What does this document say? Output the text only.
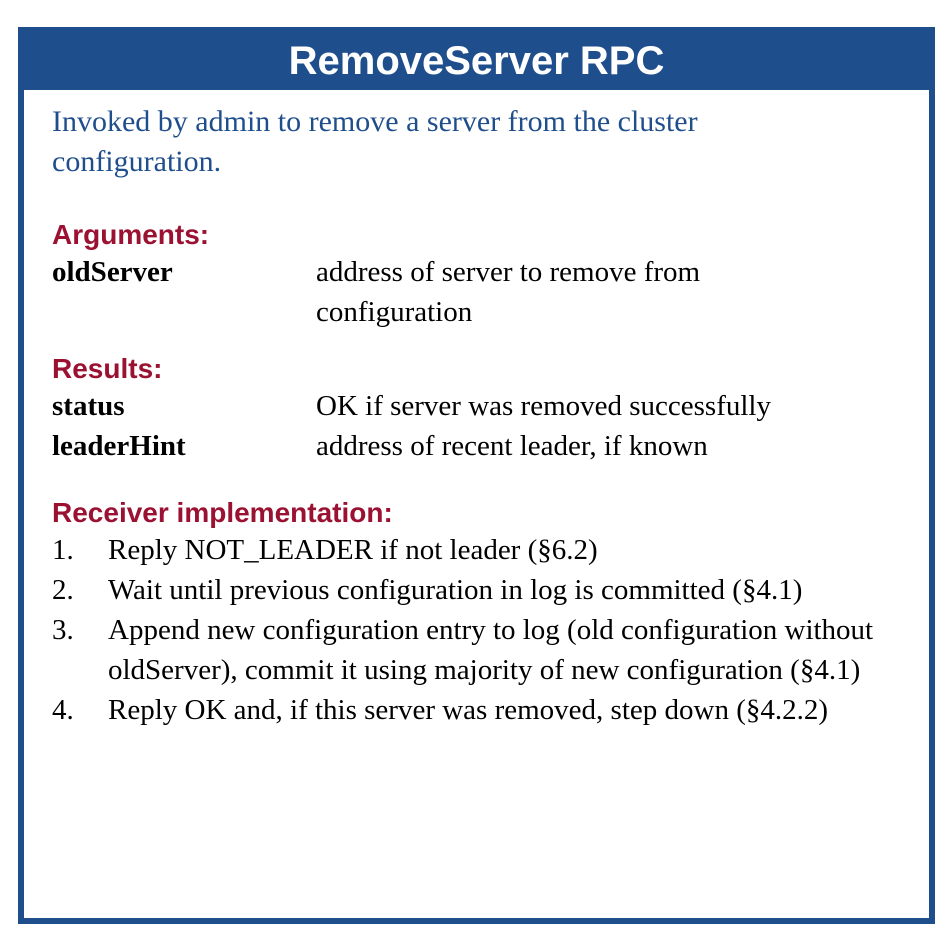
RemoveServer RPC
Invoked by admin to remove a server from the cluster configuration.
Arguments:
oldServer	address of server to remove from configuration
Results:
status	OK if server was removed successfully
leaderHint	address of recent leader, if known
Receiver implementation:
1.	Reply NOT_LEADER if not leader (§6.2)
2.	Wait until previous configuration in log is committed (§4.1)
3.	Append new configuration entry to log (old configuration without oldServer), commit it using majority of new configuration (§4.1)
4.	Reply OK and, if this server was removed, step down (§4.2.2)
